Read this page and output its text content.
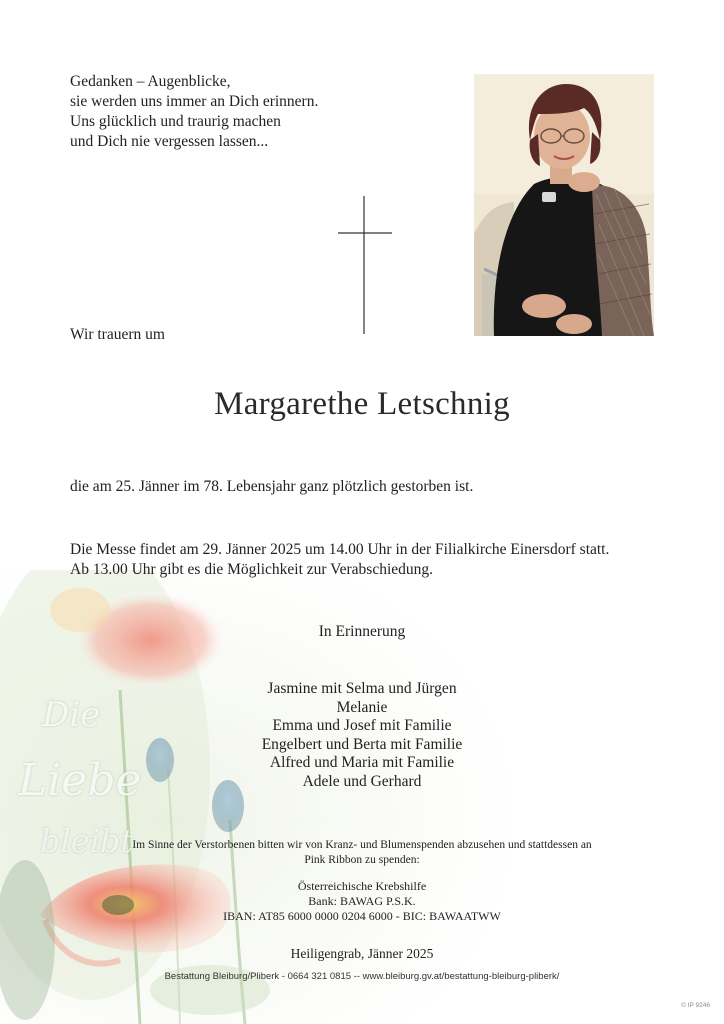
Die
Liebe
bleibt
Gedanken – Augenblicke,
sie werden uns immer an Dich erinnern.
Uns glücklich und traurig machen
und Dich nie vergessen lassen...
Wir trauern um
Margarethe Letschnig
die am 25. Jänner im 78. Lebensjahr ganz plötzlich gestorben ist.
Die Messe findet am 29. Jänner 2025 um 14.00 Uhr in der Filialkirche Einersdorf statt.
Ab 13.00 Uhr gibt es die Möglichkeit zur Verabschiedung.
In Erinnerung
Jasmine mit Selma und Jürgen
Melanie
Emma und Josef mit Familie
Engelbert und Berta mit Familie
Alfred und Maria mit Familie
Adele und Gerhard
Im Sinne der Verstorbenen bitten wir von Kranz- und Blumenspenden abzusehen und stattdessen an
Pink Ribbon zu spenden:
Österreichische Krebshilfe
Bank: BAWAG P.S.K.
IBAN: AT85 6000 0000 0204 6000 - BIC: BAWAATWW
Heiligengrab, Jänner 2025
Bestattung Bleiburg/Pliberk - 0664 321 0815 -- www.bleiburg.gv.at/bestattung-bleiburg-pliberk/
© IP 9246
